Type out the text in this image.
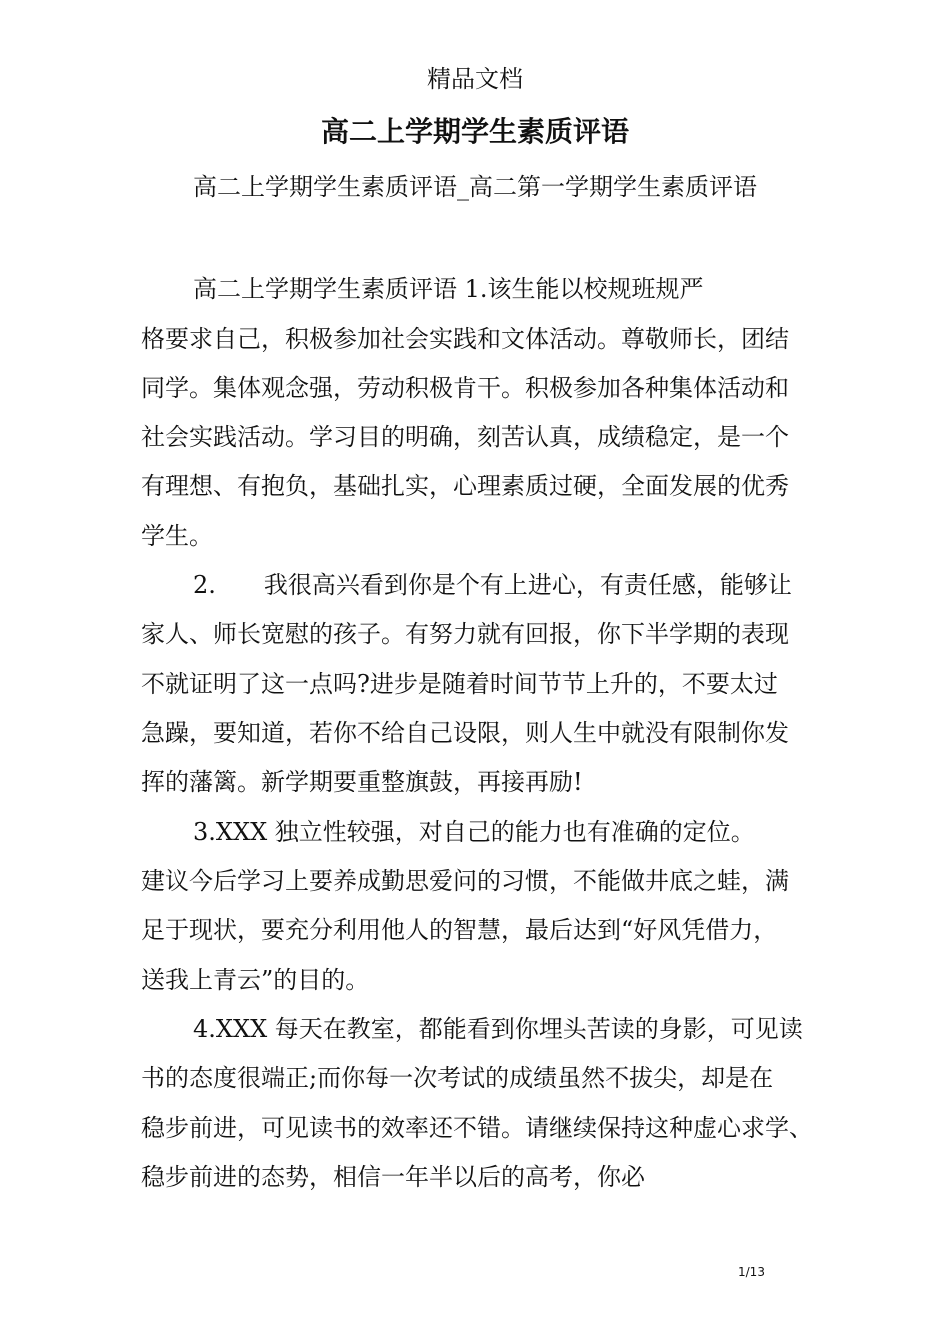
精品文档
高二上学期学生素质评语
高二上学期学生素质评语_高二第一学期学生素质评语
高二上学期学生素质评语 1.该生能以校规班规严
格要求自己，积极参加社会实践和文体活动。尊敬师长，团结
同学。集体观念强，劳动积极肯干。积极参加各种集体活动和
社会实践活动。学习目的明确，刻苦认真，成绩稳定，是一个
有理想、有抱负，基础扎实，心理素质过硬，全面发展的优秀
学生。
2.　　我很高兴看到你是个有上进心，有责任感，能够让
家人、师长宽慰的孩子。有努力就有回报，你下半学期的表现
不就证明了这一点吗?进步是随着时间节节上升的，不要太过
急躁，要知道，若你不给自己设限，则人生中就没有限制你发
挥的藩篱。新学期要重整旗鼓，再接再励!
3.XXX 独立性较强，对自己的能力也有准确的定位。
建议今后学习上要养成勤思爱问的习惯，不能做井底之蛙，满
足于现状，要充分利用他人的智慧，最后达到“好风凭借力，
送我上青云”的目的。
4.XXX 每天在教室，都能看到你埋头苦读的身影，可见读
书的态度很端正;而你每一次考试的成绩虽然不拔尖，却是在
稳步前进，可见读书的效率还不错。请继续保持这种虚心求学、
稳步前进的态势，相信一年半以后的高考，你必
1/13
